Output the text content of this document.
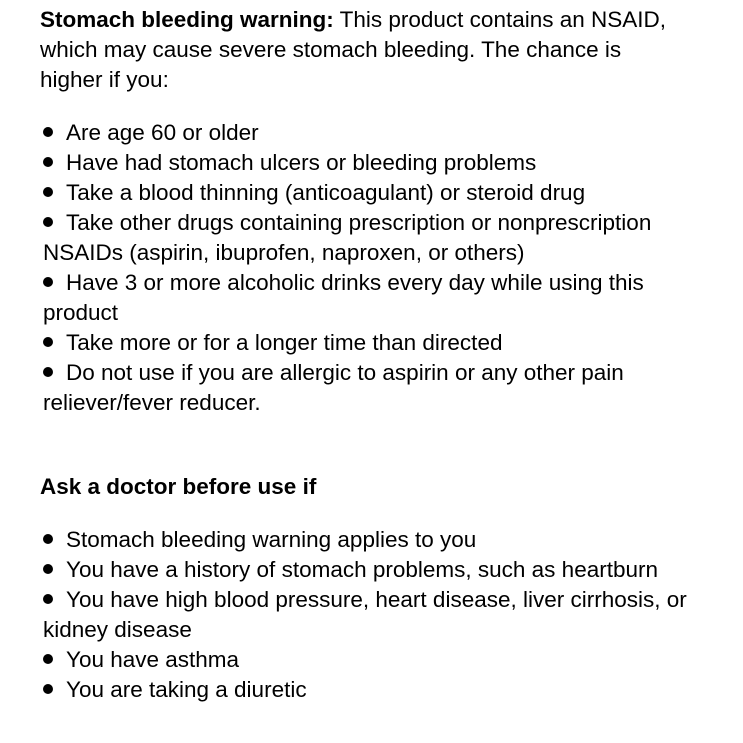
Stomach bleeding warning: This product contains an NSAID, which may cause severe stomach bleeding. The chance is higher if you:

Are age 60 or older
Have had stomach ulcers or bleeding problems
Take a blood thinning (anticoagulant) or steroid drug
Take other drugs containing prescription or nonprescription NSAIDs (aspirin, ibuprofen, naproxen, or others)
Have 3 or more alcoholic drinks every day while using this product
Take more or for a longer time than directed
Do not use if you are allergic to aspirin or any other pain reliever/fever reducer.
Ask a doctor before use if
Stomach bleeding warning applies to you
You have a history of stomach problems, such as heartburn
You have high blood pressure, heart disease, liver cirrhosis, or kidney disease
You have asthma
You are taking a diuretic
